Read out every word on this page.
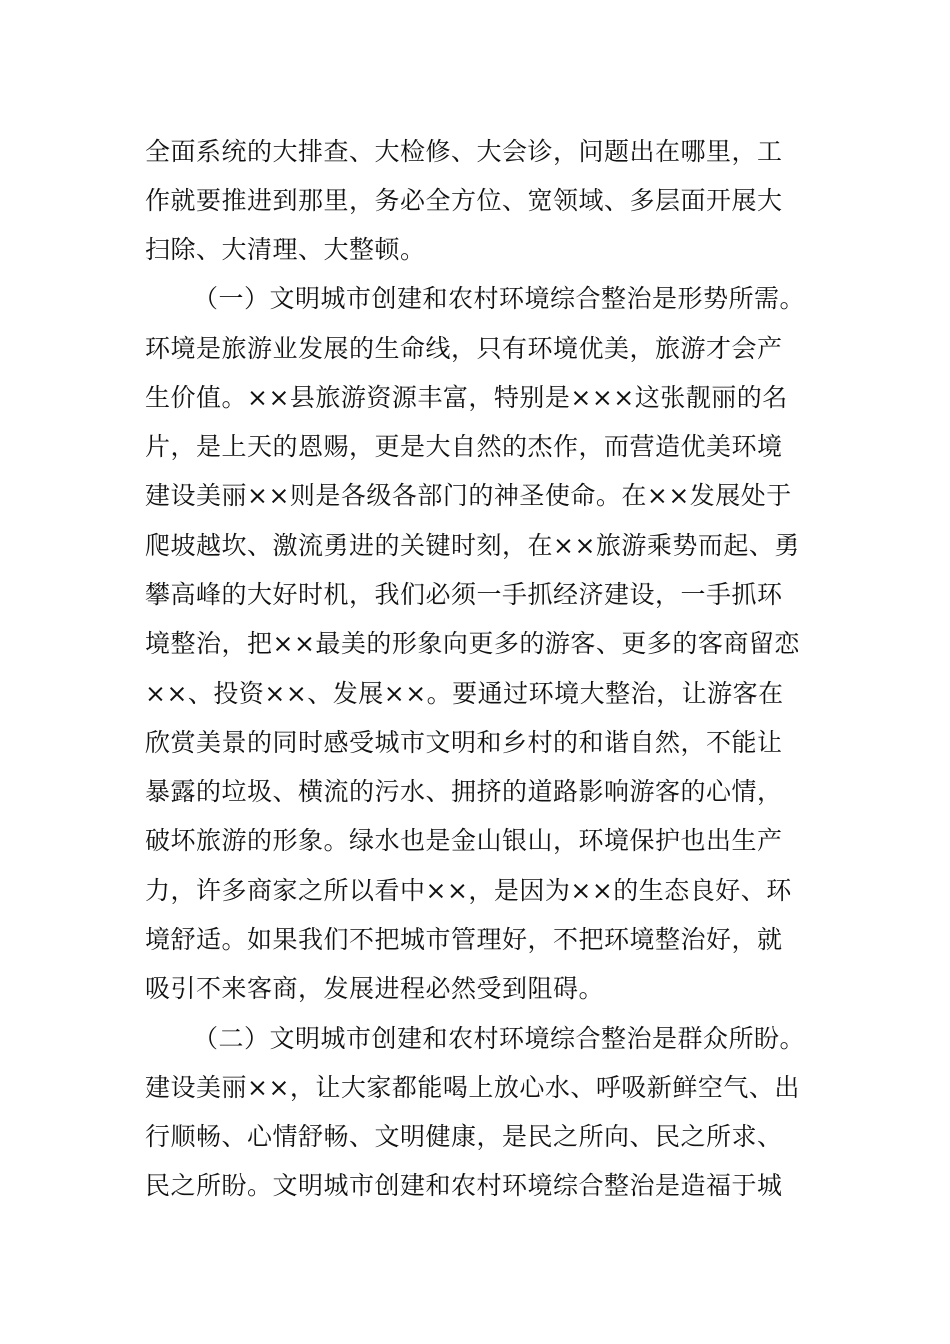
全面系统的大排查、大检修、大会诊，问题出在哪里，工
作就要推进到那里，务必全方位、宽领域、多层面开展大
扫除、大清理、大整顿。
（一）文明城市创建和农村环境综合整治是形势所需。
环境是旅游业发展的生命线，只有环境优美，旅游才会产
生价值。××县旅游资源丰富，特别是×××这张靓丽的名
片，是上天的恩赐，更是大自然的杰作，而营造优美环境
建设美丽××则是各级各部门的神圣使命。在××发展处于
爬坡越坎、激流勇进的关键时刻，在××旅游乘势而起、勇
攀高峰的大好时机，我们必须一手抓经济建设，一手抓环
境整治，把××最美的形象向更多的游客、更多的客商留恋
××、投资××、发展××。要通过环境大整治，让游客在
欣赏美景的同时感受城市文明和乡村的和谐自然，不能让
暴露的垃圾、横流的污水、拥挤的道路影响游客的心情，
破坏旅游的形象。绿水也是金山银山，环境保护也出生产
力，许多商家之所以看中××，是因为××的生态良好、环
境舒适。如果我们不把城市管理好，不把环境整治好，就
吸引不来客商，发展进程必然受到阻碍。
（二）文明城市创建和农村环境综合整治是群众所盼。
建设美丽××，让大家都能喝上放心水、呼吸新鲜空气、出
行顺畅、心情舒畅、文明健康，是民之所向、民之所求、
民之所盼。文明城市创建和农村环境综合整治是造福于城
